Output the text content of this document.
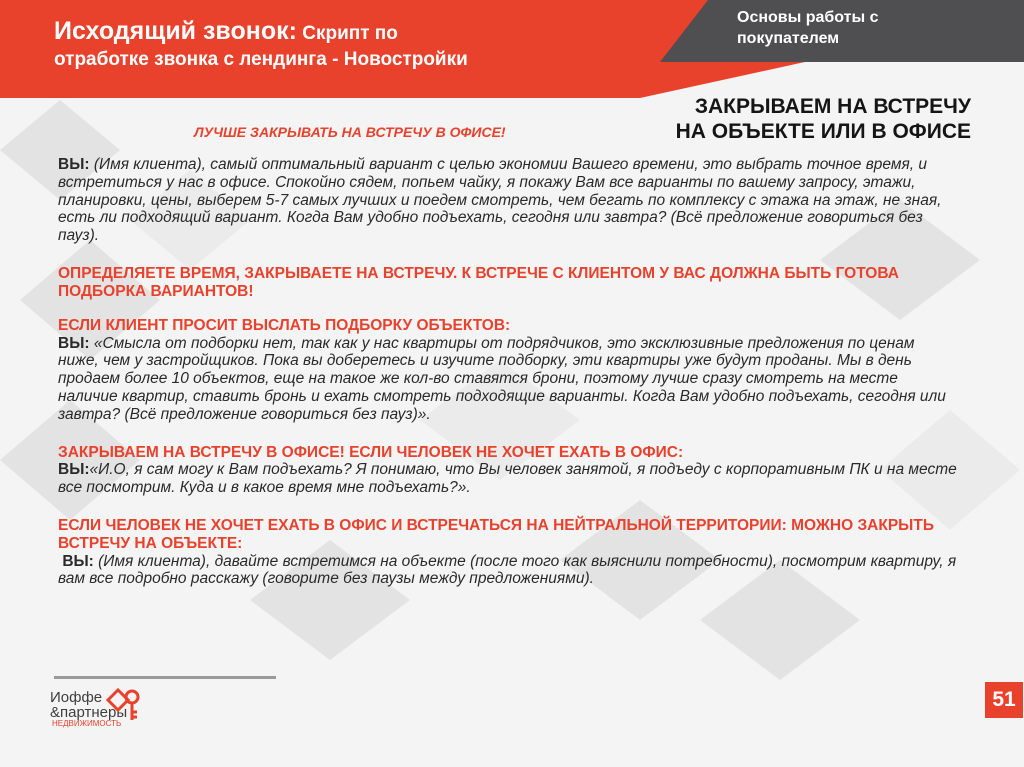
Исходящий звонок: Скрипт по
отработке звонка с лендинга - Новостройки
Основы работы с
покупателем
ЗАКРЫВАЕМ НА ВСТРЕЧУ
НА ОБЪЕКТЕ ИЛИ В ОФИСЕ
ЛУЧШЕ ЗАКРЫВАТЬ НА ВСТРЕЧУ В ОФИСЕ!

ВЫ: (Имя клиента), самый оптимальный вариант с целью экономии Вашего времени, это выбрать точное время, и встретиться у нас в офисе. Спокойно сядем, попьем чайку, я покажу Вам все варианты по вашему запросу, этажи, планировки, цены, выберем 5-7 самых лучших и поедем смотреть, чем бегать по комплексу с этажа на этаж, не зная, есть ли подходящий вариант. Когда Вам удобно подъехать, сегодня или завтра? (Всё предложение говориться без пауз).

ОПРЕДЕЛЯЕТЕ ВРЕМЯ, ЗАКРЫВАЕТЕ НА ВСТРЕЧУ. К ВСТРЕЧЕ С КЛИЕНТОМ У ВАС ДОЛЖНА БЫТЬ ГОТОВА ПОДБОРКА ВАРИАНТОВ!

ЕСЛИ КЛИЕНТ ПРОСИТ ВЫСЛАТЬ ПОДБОРКУ ОБЪЕКТОВ:

ВЫ: «Смысла от подборки нет, так как у нас квартиры от подрядчиков, это эксклюзивные предложения по ценам ниже, чем у застройщиков. Пока вы доберетесь и изучите подборку, эти квартиры уже будут проданы. Мы в день продаем более 10 объектов, еще на такое же кол-во ставятся брони, поэтому лучше сразу смотреть на месте наличие квартир, ставить бронь и ехать смотреть подходящие варианты. Когда Вам удобно подъехать, сегодня или завтра? (Всё предложение говориться без пауз)».

ЗАКРЫВАЕМ НА ВСТРЕЧУ В ОФИСЕ! ЕСЛИ ЧЕЛОВЕК НЕ ХОЧЕТ ЕХАТЬ В ОФИС:

ВЫ:«И.О, я сам могу к Вам подъехать? Я понимаю, что Вы человек занятой, я подъеду с корпоративным ПК и на месте все посмотрим. Куда и в какое время мне подъехать?».

ЕСЛИ ЧЕЛОВЕК НЕ ХОЧЕТ ЕХАТЬ В ОФИС И ВСТРЕЧАТЬСЯ НА НЕЙТРАЛЬНОЙ ТЕРРИТОРИИ: МОЖНО ЗАКРЫТЬ ВСТРЕЧУ НА ОБЪЕКТЕ:

ВЫ: (Имя клиента), давайте встретимся на объекте (после того как выяснили потребности), посмотрим квартиру, я вам все подробно расскажу (говорите без паузы между предложениями).

Иоффе
&партнеры
НЕДВИЖИМОСТЬ
51
